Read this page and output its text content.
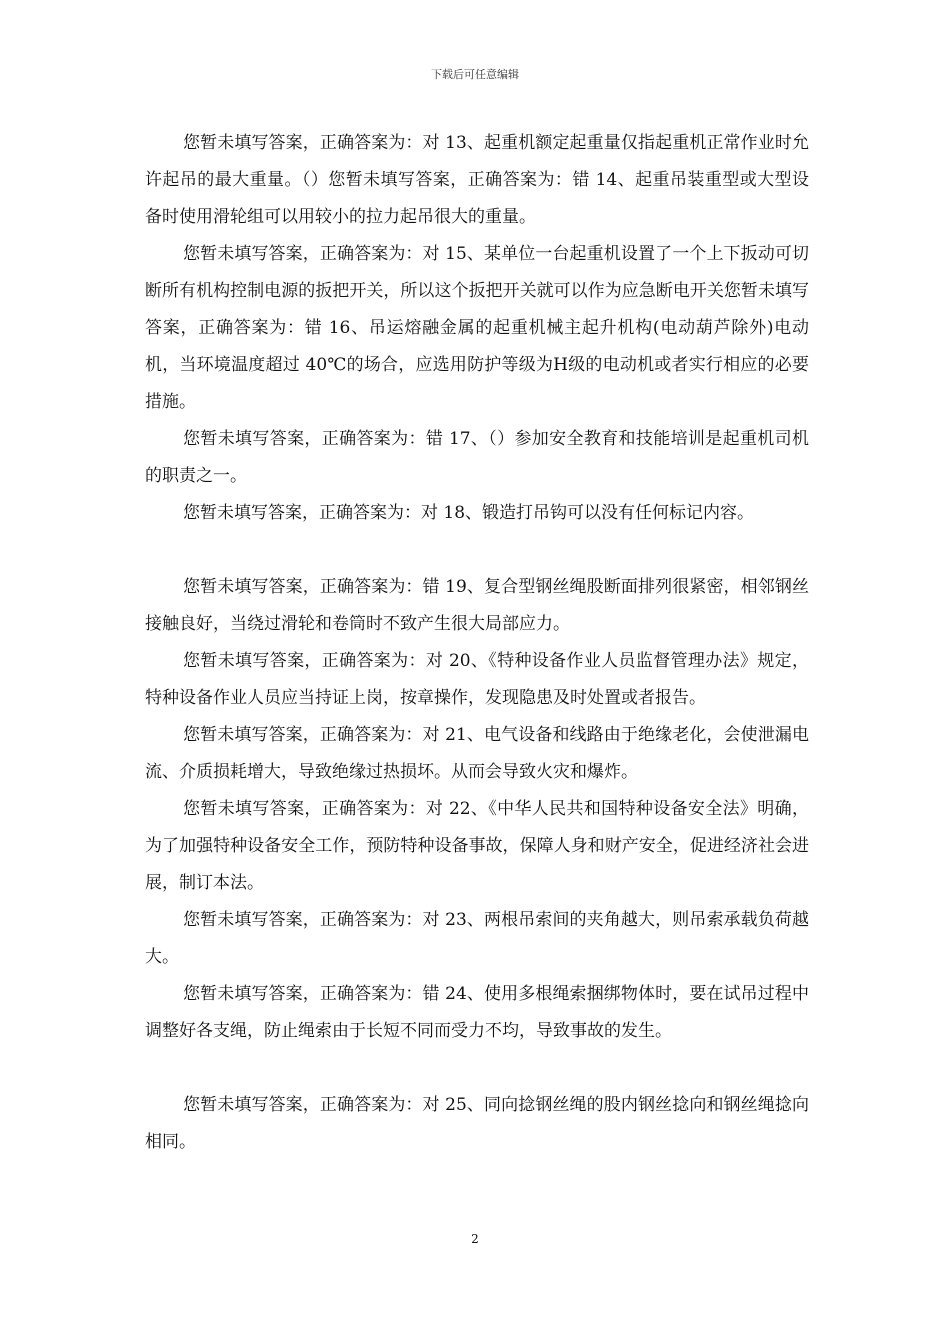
下载后可任意编辑

您暂未填写答案，正确答案为：对 13、起重机额定起重量仅指起重机正常作业时允许起吊的最大重量。（）您暂未填写答案，正确答案为：错 14、起重吊装重型或大型设备时使用滑轮组可以用较小的拉力起吊很大的重量。

您暂未填写答案，正确答案为：对 15、某单位一台起重机设置了一个上下扳动可切断所有机构控制电源的扳把开关，所以这个扳把开关就可以作为应急断电开关您暂未填写答案，正确答案为：错 16、吊运熔融金属的起重机械主起升机构(电动葫芦除外)电动机，当环境温度超过 40℃的场合，应选用防护等级为H级的电动机或者实行相应的必要措施。

您暂未填写答案，正确答案为：错 17、（）参加安全教育和技能培训是起重机司机的职责之一。

您暂未填写答案，正确答案为：对 18、锻造打吊钩可以没有任何标记内容。

您暂未填写答案，正确答案为：错 19、复合型钢丝绳股断面排列很紧密，相邻钢丝接触良好，当绕过滑轮和卷筒时不致产生很大局部应力。

您暂未填写答案，正确答案为：对 20、《特种设备作业人员监督管理办法》规定，特种设备作业人员应当持证上岗，按章操作，发现隐患及时处置或者报告。

您暂未填写答案，正确答案为：对 21、电气设备和线路由于绝缘老化，会使泄漏电流、介质损耗增大，导致绝缘过热损坏。从而会导致火灾和爆炸。

您暂未填写答案，正确答案为：对 22、《中华人民共和国特种设备安全法》明确，为了加强特种设备安全工作，预防特种设备事故，保障人身和财产安全，促进经济社会进展，制订本法。

您暂未填写答案，正确答案为：对 23、两根吊索间的夹角越大，则吊索承载负荷越大。

您暂未填写答案，正确答案为：错 24、使用多根绳索捆绑物体时，要在试吊过程中调整好各支绳，防止绳索由于长短不同而受力不均，导致事故的发生。

您暂未填写答案，正确答案为：对 25、同向捻钢丝绳的股内钢丝捻向和钢丝绳捻向相同。

2
